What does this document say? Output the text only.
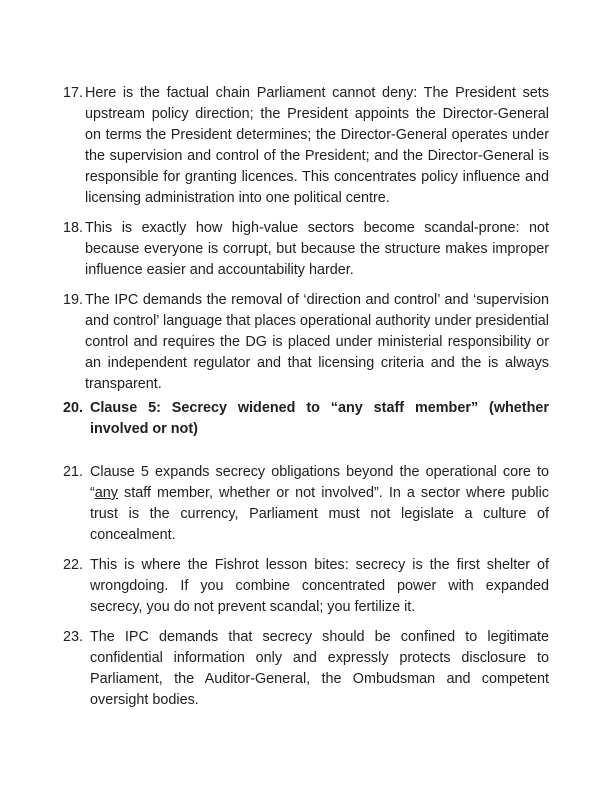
17. Here is the factual chain Parliament cannot deny: The President sets upstream policy direction; the President appoints the Director-General on terms the President determines; the Director-General operates under the supervision and control of the President; and the Director-General is responsible for granting licences. This concentrates policy influence and licensing administration into one political centre.

18. This is exactly how high-value sectors become scandal-prone: not because everyone is corrupt, but because the structure makes improper influence easier and accountability harder.

19. The IPC demands the removal of ‘direction and control’ and ‘supervision and control’ language that places operational authority under presidential control and requires the DG is placed under ministerial responsibility or an independent regulator and that licensing criteria and the is always transparent.

20. Clause 5: Secrecy widened to “any staff member” (whether involved or not)

21. Clause 5 expands secrecy obligations beyond the operational core to “any staff member, whether or not involved”. In a sector where public trust is the currency, Parliament must not legislate a culture of concealment.

22. This is where the Fishrot lesson bites: secrecy is the first shelter of wrongdoing. If you combine concentrated power with expanded secrecy, you do not prevent scandal; you fertilize it.

23. The IPC demands that secrecy should be confined to legitimate confidential information only and expressly protects disclosure to Parliament, the Auditor-General, the Ombudsman and competent oversight bodies.
